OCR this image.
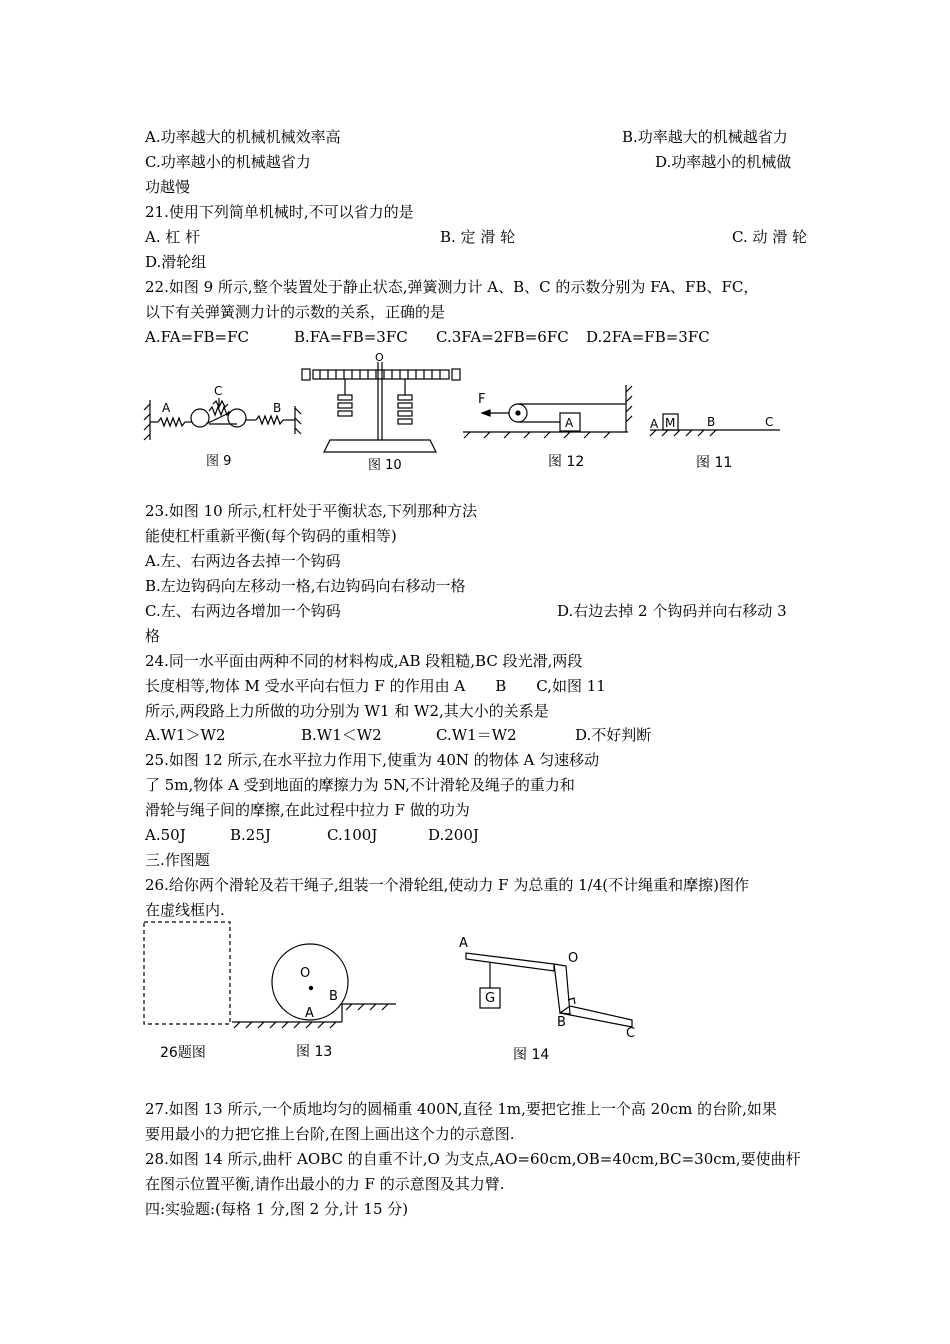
A.功率越大的机械机械效率高	B.功率越大的机械越省力
C.功率越小的机械越省力	D.功率越小的机械做
功越慢
21.使用下列简单机械时,不可以省力的是
A. 杠 杆	B. 定 滑 轮	C. 动 滑 轮
D.滑轮组
22.如图 9 所示,整个装置处于静止状态,弹簧测力计 A、B、C 的示数分别为 FA、FB、FC，
以下有关弹簧测力计的示数的关系，正确的是
A.FA=FB=FC	B.FA=FB=3FC C.3FA=2FB=6FC D.2FA=FB=3FC
图 9
A	B
C
图 10
O
图 12
F
A
图 11
A M	B	C
23.如图 10 所示,杠杆处于平衡状态,下列那种方法
能使杠杆重新平衡(每个钩码的重相等)
A.左、右两边各去掉一个钩码
B.左边钩码向左移动一格,右边钩码向右移动一格
C.左、右两边各增加一个钩码	D.右边去掉 2 个钩码并向右移动 3
格
24.同一水平面由两种不同的材料构成,AB 段粗糙,BC 段光滑,两段
长度相等,物体 M 受水平向右恒力 F 的作用由 A　　B　　C,如图 11
所示,两段路上力所做的功分别为 W1 和 W2,其大小的关系是
A.W1＞W2	B.W1＜W2	C.W1＝W2	D.不好判断
25.如图 12 所示,在水平拉力作用下,使重为 40N 的物体 A 匀速移动
了 5m,物体 A 受到地面的摩擦力为 5N,不计滑轮及绳子的重力和
滑轮与绳子间的摩擦,在此过程中拉力 F 做的功为
A.50J	B.25J	C.100J	D.200J
三.作图题
26.给你两个滑轮及若干绳子,组装一个滑轮组,使动力 F 为总重的 1/4(不计绳重和摩擦)图作
在虚线框内.
26题图	图 13
O
A
B
图 14
A
O
B
C
G
27.如图 13 所示,一个质地均匀的圆桶重 400N,直径 1m,要把它推上一个高 20cm 的台阶,如果
要用最小的力把它推上台阶,在图上画出这个力的示意图.
28.如图 14 所示,曲杆 AOBC 的自重不计,O 为支点,AO=60cm,OB=40cm,BC=30cm,要使曲杆
在图示位置平衡,请作出最小的力 F 的示意图及其力臂.
四:实验题:(每格 1 分,图 2 分,计 15 分)
